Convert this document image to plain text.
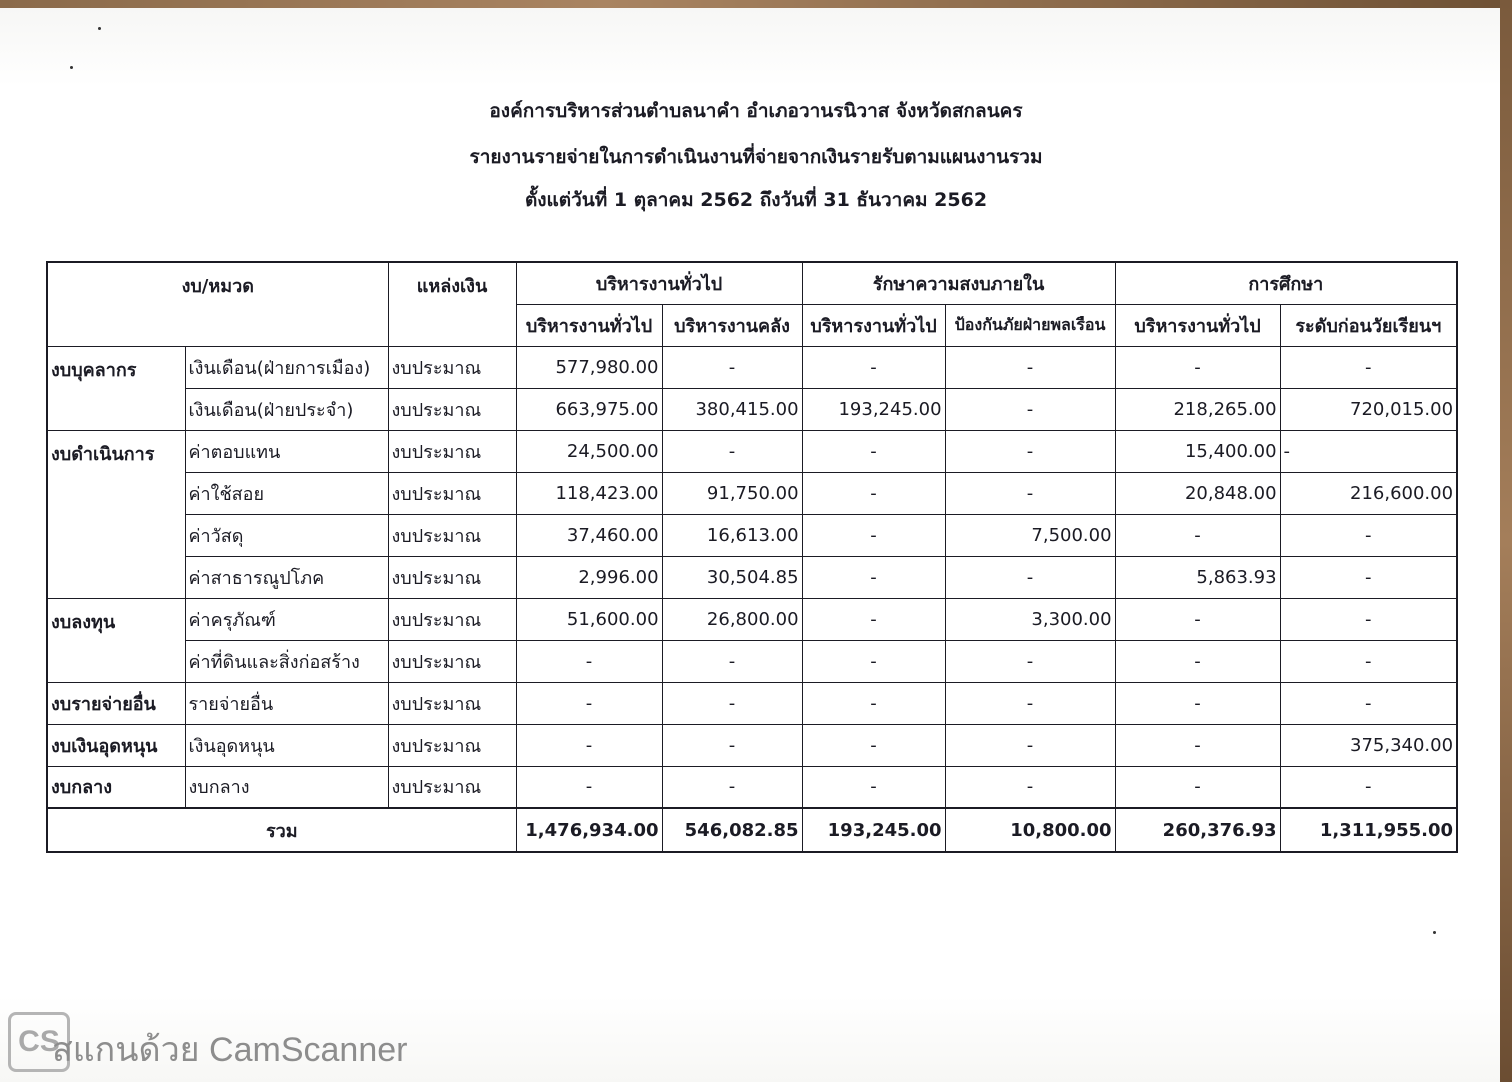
องค์การบริหารส่วนตำบลนาคำ อำเภอวานรนิวาส จังหวัดสกลนคร
รายงานรายจ่ายในการดำเนินงานที่จ่ายจากเงินรายรับตามแผนงานรวม
ตั้งแต่วันที่ 1 ตุลาคม 2562 ถึงวันที่ 31 ธันวาคม 2562
งบ/หมวด		แหล่งเงิน	บริหารงานทั่วไป		รักษาความสงบภายใน		การศึกษา	
			บริหารงานทั่วไป	บริหารงานคลัง	บริหารงานทั่วไป	ป้องกันภัยฝ่ายพลเรือน	บริหารงานทั่วไป	ระดับก่อนวัยเรียนฯ
งบบุคลากร	เงินเดือน(ฝ่ายการเมือง)	งบประมาณ	577,980.00	-	-	-	-	-
	เงินเดือน(ฝ่ายประจำ)	งบประมาณ	663,975.00	380,415.00	193,245.00	-	218,265.00	720,015.00
งบดำเนินการ	ค่าตอบแทน	งบประมาณ	24,500.00	-	-	-	15,400.00	-
	ค่าใช้สอย	งบประมาณ	118,423.00	91,750.00	-	-	20,848.00	216,600.00
	ค่าวัสดุ	งบประมาณ	37,460.00	16,613.00	-	7,500.00	-	-
	ค่าสาธารณูปโภค	งบประมาณ	2,996.00	30,504.85	-	-	5,863.93	-
งบลงทุน	ค่าครุภัณฑ์	งบประมาณ	51,600.00	26,800.00	-	3,300.00	-	-
	ค่าที่ดินและสิ่งก่อสร้าง	งบประมาณ	-	-	-	-	-	-
งบรายจ่ายอื่น	รายจ่ายอื่น	งบประมาณ	-	-	-	-	-	-
งบเงินอุดหนุน	เงินอุดหนุน	งบประมาณ	-	-	-	-	-	375,340.00
งบกลาง	งบกลาง	งบประมาณ	-	-	-	-	-	-
รวม			1,476,934.00	546,082.85	193,245.00	10,800.00	260,376.93	1,311,955.00
CS
สแกนด้วย CamScanner
